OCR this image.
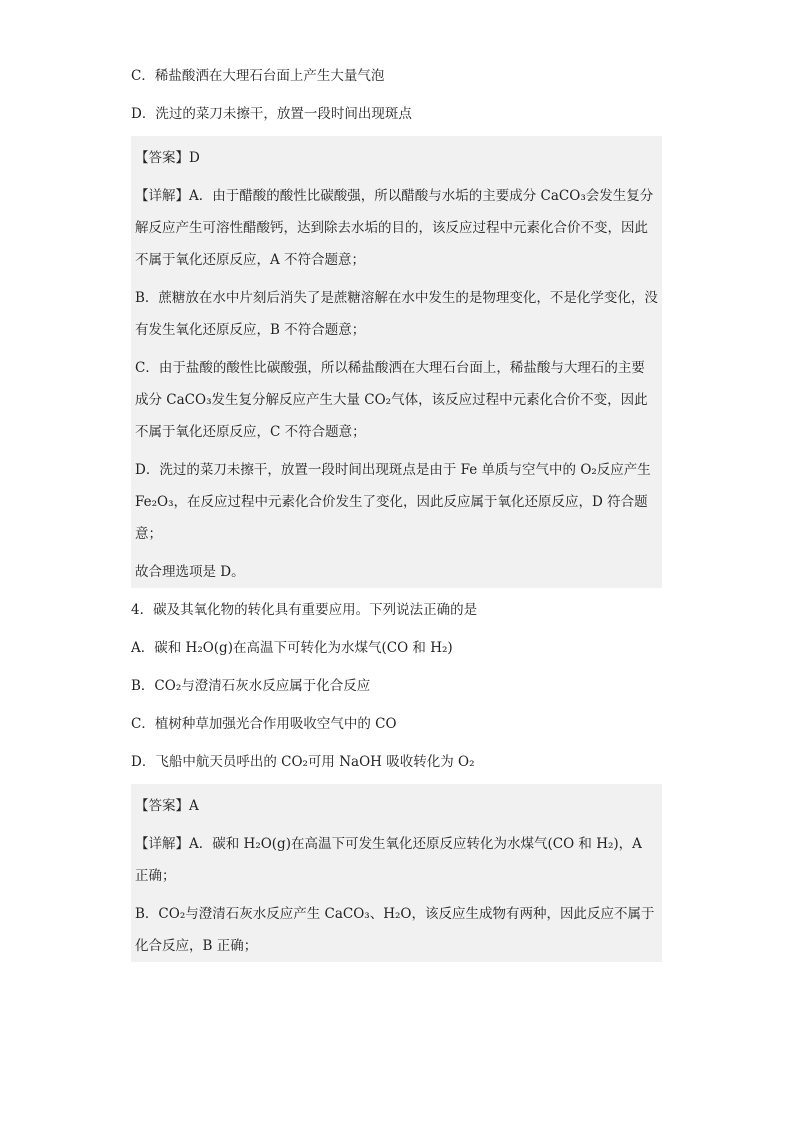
C．稀盐酸洒在大理石台面上产生大量气泡
D．洗过的菜刀未擦干，放置一段时间出现斑点
【答案】D
【详解】A．由于醋酸的酸性比碳酸强，所以醋酸与水垢的主要成分 CaCO₃会发生复分解反应产生可溶性醋酸钙，达到除去水垢的目的，该反应过程中元素化合价不变，因此不属于氧化还原反应，A 不符合题意；
B．蔗糖放在水中片刻后消失了是蔗糖溶解在水中发生的是物理变化，不是化学变化，没有发生氧化还原反应，B 不符合题意；
C．由于盐酸的酸性比碳酸强，所以稀盐酸洒在大理石台面上，稀盐酸与大理石的主要成分 CaCO₃发生复分解反应产生大量 CO₂气体，该反应过程中元素化合价不变，因此不属于氧化还原反应，C 不符合题意；
D．洗过的菜刀未擦干，放置一段时间出现斑点是由于 Fe 单质与空气中的 O₂反应产生 Fe₂O₃，在反应过程中元素化合价发生了变化，因此反应属于氧化还原反应，D 符合题意；
故合理选项是 D。
4．碳及其氧化物的转化具有重要应用。下列说法正确的是
A．碳和 H₂O(g)在高温下可转化为水煤气(CO 和 H₂)
B．CO₂与澄清石灰水反应属于化合反应
C．植树种草加强光合作用吸收空气中的 CO
D．飞船中航天员呼出的 CO₂可用 NaOH 吸收转化为 O₂
【答案】A
【详解】A．碳和 H₂O(g)在高温下可发生氧化还原反应转化为水煤气(CO 和 H₂)，A 正确；
B．CO₂与澄清石灰水反应产生 CaCO₃、H₂O，该反应生成物有两种，因此反应不属于化合反应，B 正确；
